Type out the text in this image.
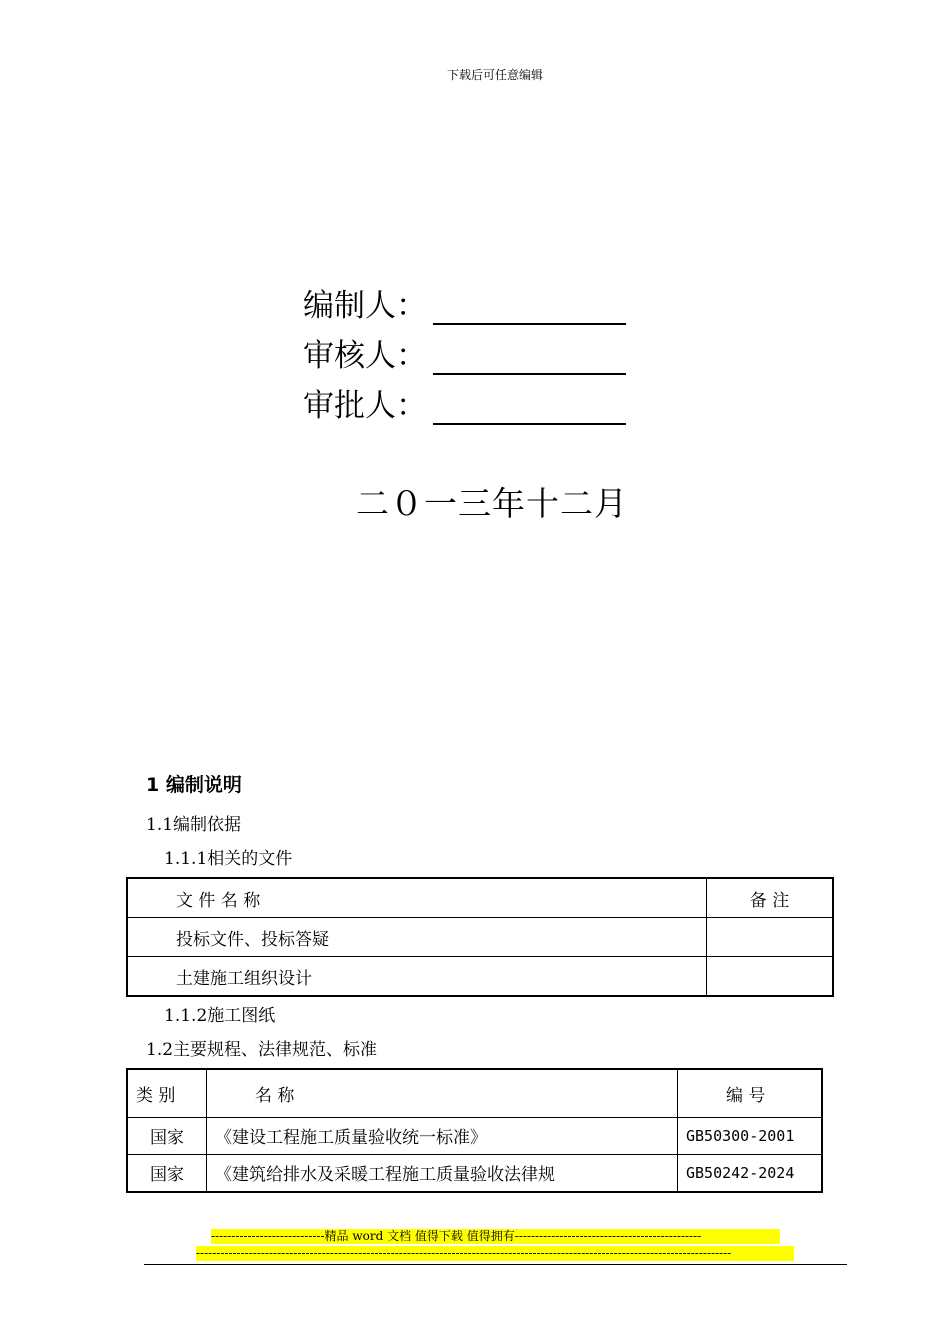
下载后可任意编辑
编制人：
审核人：
审批人：
二０一三年十二月
1 编制说明
1.1编制依据
1.1.1相关的文件
文 件 名 称	备 注
投标文件、投标答疑	
土建施工组织设计	
1.1.2施工图纸
1.2主要规程、法律规范、标准
类 别	名 称	编 号
国家	《建设工程施工质量验收统一标准》	GB50300-2001
国家	《建筑给排水及采暖工程施工质量验收法律规	GB50242-2024
----------------------------精品 word 文档 值得下载 值得拥有----------------------------------------------
------------------------------------------------------------------------------------------------------------------------------------
